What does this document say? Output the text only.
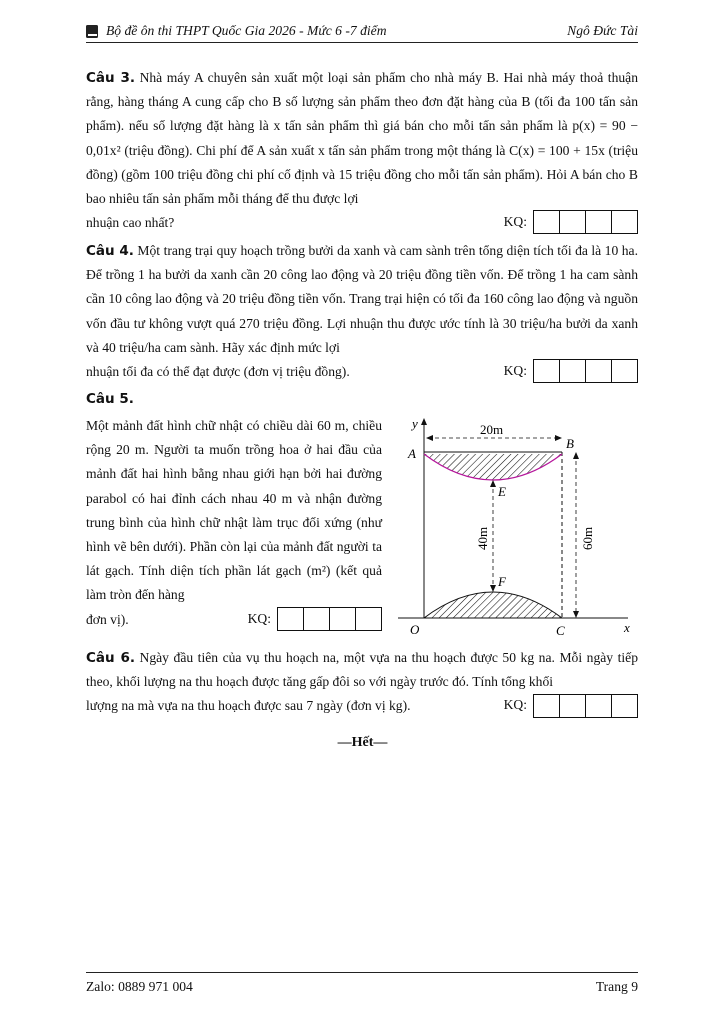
Bộ đề ôn thi THPT Quốc Gia 2026 - Mức 6 -7 điểm	Ngô Đức Tài
Câu 3. Nhà máy A chuyên sản xuất một loại sản phẩm cho nhà máy B. Hai nhà máy thoả thuận rằng, hàng tháng A cung cấp cho B số lượng sản phẩm theo đơn đặt hàng của B (tối đa 100 tấn sản phẩm). nếu số lượng đặt hàng là x tấn sản phẩm thì giá bán cho mỗi tấn sản phẩm là p(x) = 90 − 0,01x² (triệu đồng). Chi phí để A sản xuất x tấn sản phẩm trong một tháng là C(x) = 100 + 15x (triệu đồng) (gồm 100 triệu đồng chi phí cố định và 15 triệu đồng cho mỗi tấn sản phẩm). Hỏi A bán cho B bao nhiêu tấn sản phẩm mỗi tháng để thu được lợi
nhuận cao nhất?	KQ:
Câu 4. Một trang trại quy hoạch trồng bưởi da xanh và cam sành trên tổng diện tích tối đa là 10 ha. Để trồng 1 ha bưởi da xanh cần 20 công lao động và 20 triệu đồng tiền vốn. Để trồng 1 ha cam sành cần 10 công lao động và 20 triệu đồng tiền vốn. Trang trại hiện có tối đa 160 công lao động và nguồn vốn đầu tư không vượt quá 270 triệu đồng. Lợi nhuận thu được ước tính là 30 triệu/ha bưởi da xanh và 40 triệu/ha cam sành. Hãy xác định mức lợi
nhuận tối đa có thể đạt được (đơn vị triệu đồng).	KQ:
Câu 5.
Một mảnh đất hình chữ nhật có chiều dài 60 m, chiều rộng 20 m. Người ta muốn trồng hoa ở hai đầu của mảnh đất hai hình bằng nhau giới hạn bởi hai đường parabol có hai đỉnh cách nhau 40 m và nhận đường trung bình của hình chữ nhật làm trục đối xứng (như hình vẽ bên dưới). Phần còn lại của mảnh đất người ta lát gạch. Tính diện tích phần lát gạch (m²) (kết quả làm tròn đến hàng
đơn vị).	KQ:
y
x
O
A
B
C
E
F
20m
40m	60m
Câu 6. Ngày đầu tiên của vụ thu hoạch na, một vựa na thu hoạch được 50 kg na. Mỗi ngày tiếp theo, khối lượng na thu hoạch được tăng gấp đôi so với ngày trước đó. Tính tổng khối
lượng na mà vựa na thu hoạch được sau 7 ngày (đơn vị kg).	KQ:
—Hết—
Zalo: 0889 971 004	Trang 9
